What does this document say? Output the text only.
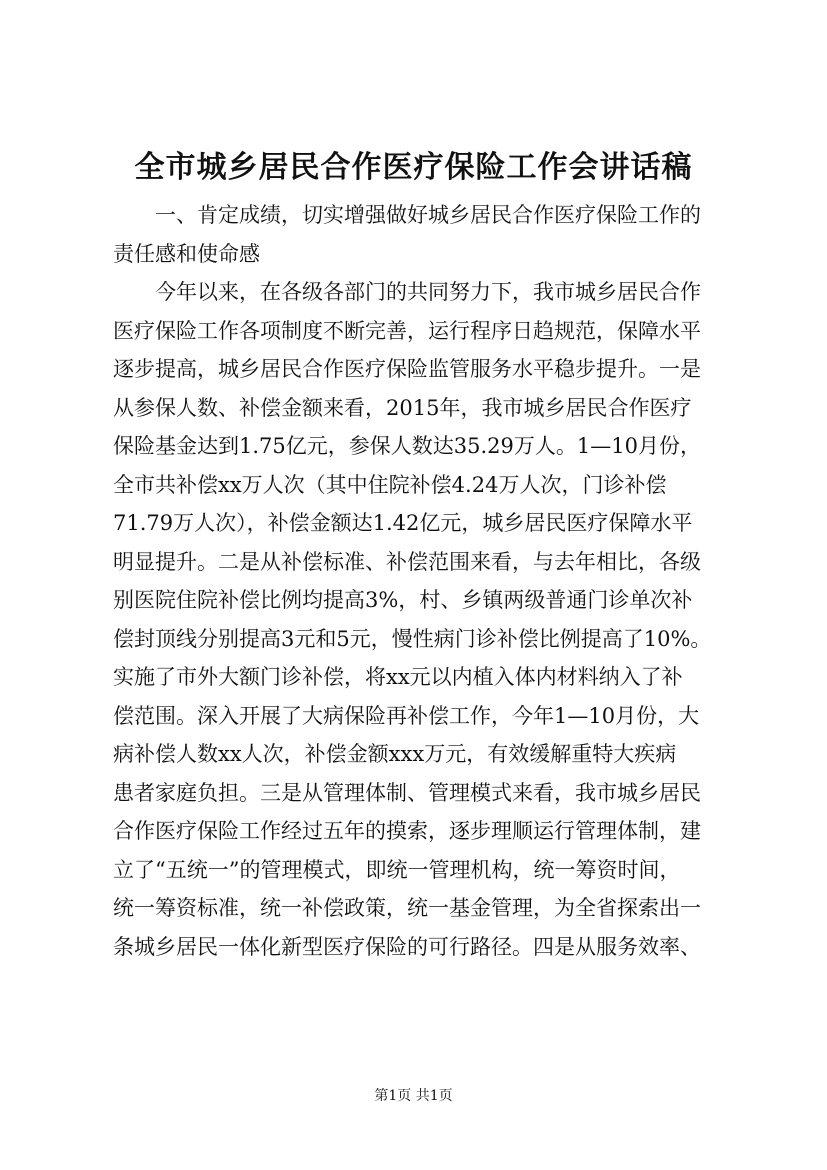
全市城乡居民合作医疗保险工作会讲话稿
一、肯定成绩，切实增强做好城乡居民合作医疗保险工作的
责任感和使命感
今年以来，在各级各部门的共同努力下，我市城乡居民合作
医疗保险工作各项制度不断完善，运行程序日趋规范，保障水平
逐步提高，城乡居民合作医疗保险监管服务水平稳步提升。一是
从参保人数、补偿金额来看，2015年，我市城乡居民合作医疗
保险基金达到1.75亿元，参保人数达35.29万人。1—10月份，
全市共补偿xx万人次（其中住院补偿4.24万人次，门诊补偿
71.79万人次），补偿金额达1.42亿元，城乡居民医疗保障水平
明显提升。二是从补偿标准、补偿范围来看，与去年相比，各级
别医院住院补偿比例均提高3%，村、乡镇两级普通门诊单次补
偿封顶线分别提高3元和5元，慢性病门诊补偿比例提高了10%。
实施了市外大额门诊补偿，将xx元以内植入体内材料纳入了补
偿范围。深入开展了大病保险再补偿工作，今年1—10月份，大
病补偿人数xx人次，补偿金额xxx万元，有效缓解重特大疾病
患者家庭负担。三是从管理体制、管理模式来看，我市城乡居民
合作医疗保险工作经过五年的摸索，逐步理顺运行管理体制，建
立了“五统一”的管理模式，即统一管理机构，统一筹资时间，
统一筹资标准，统一补偿政策，统一基金管理，为全省探索出一
条城乡居民一体化新型医疗保险的可行路径。四是从服务效率、
第1页 共1页
